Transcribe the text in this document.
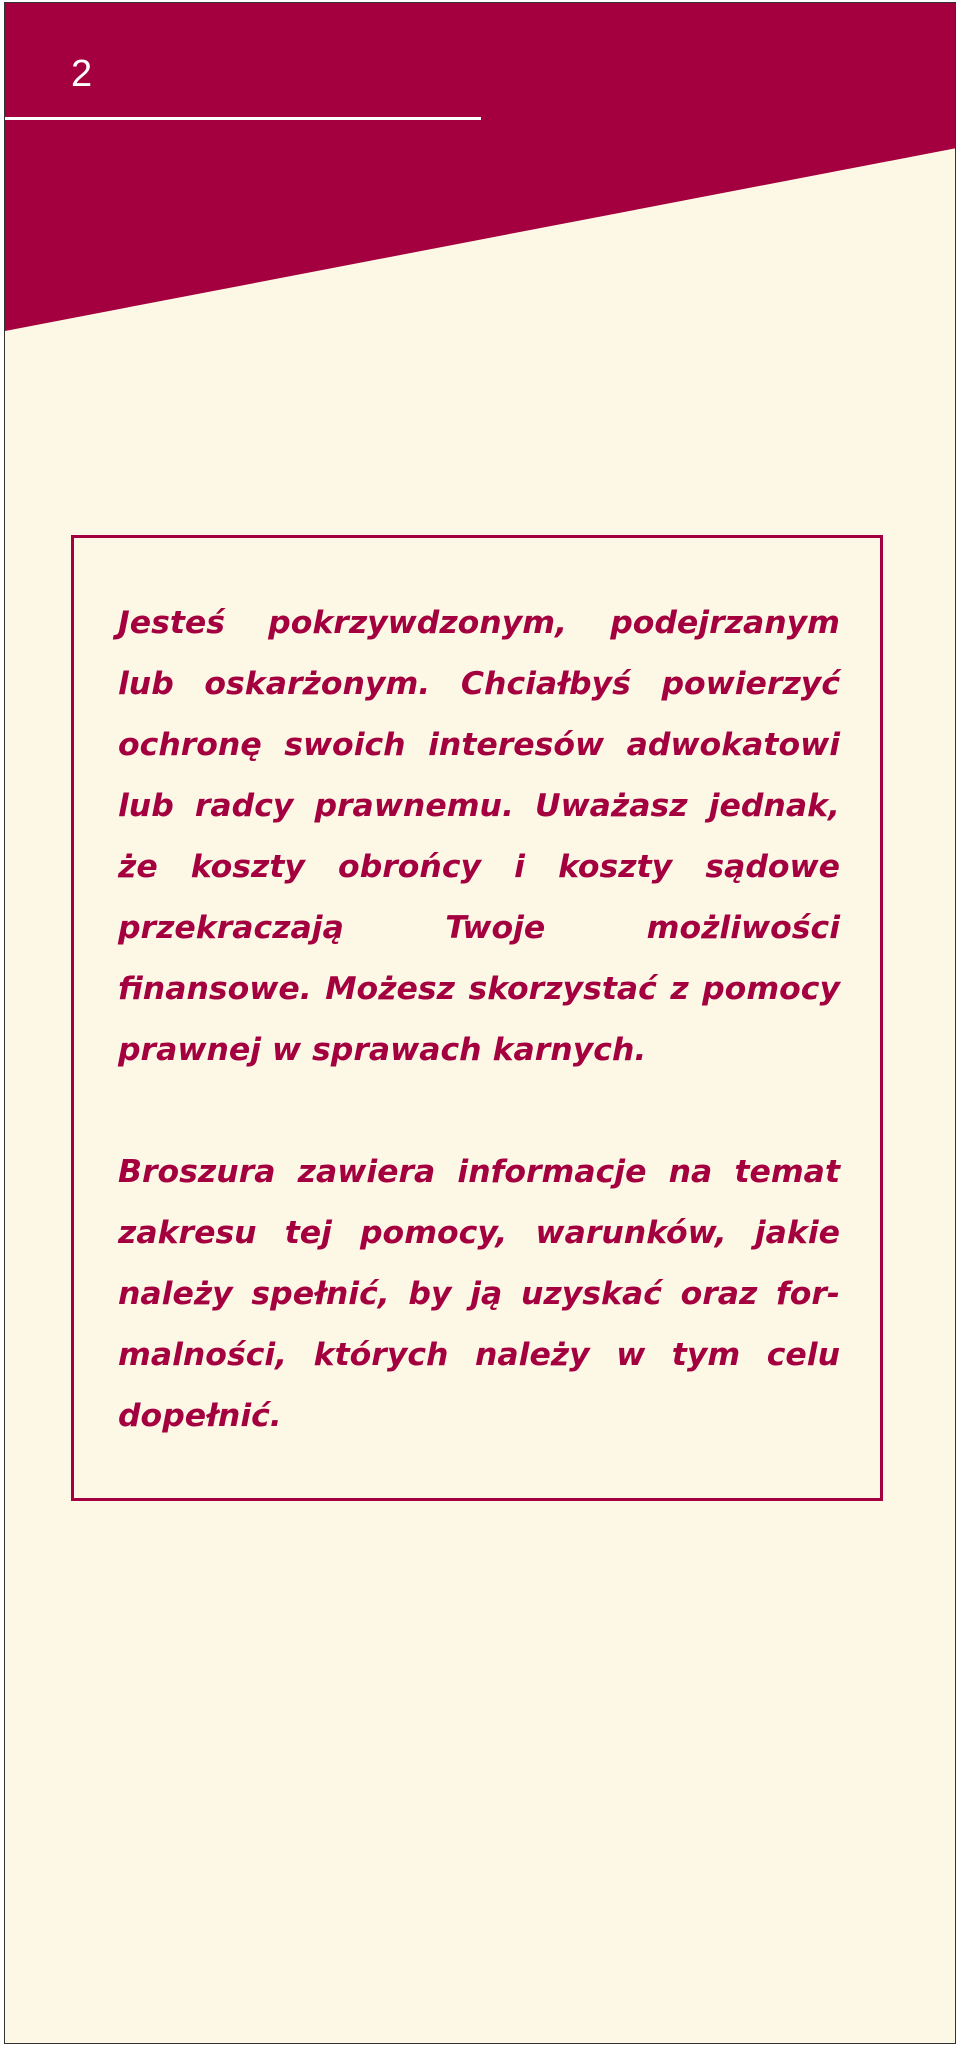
2

Jesteś pokrzywdzonym, podejrzanym lub oskarżonym. Chciałbyś powierzyć ochronę swoich interesów adwokatowi lub radcy prawnemu. Uważasz jednak, że koszty obrońcy i koszty sądowe przekraczają Twoje możliwości finansowe. Możesz skorzystać z pomocy prawnej w sprawach karnych.

Broszura zawiera informacje na temat zakresu tej pomocy, warunków, jakie należy spełnić, by ją uzyskać oraz formalności, których należy w tym celu dopełnić.
